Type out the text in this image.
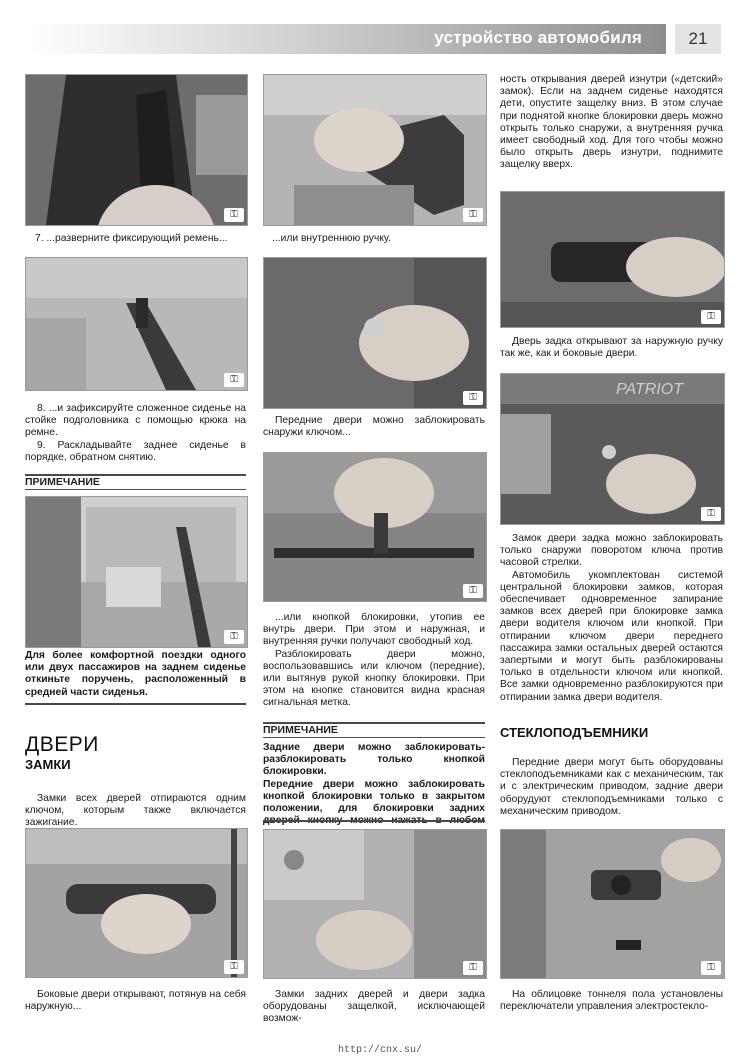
устройство автомобиля	21
⚿
7. ...разверните фиксирующий ремень...
⚿

8. ...и зафиксируйте сложенное сиденье на стойке подголовника с помощью крюка на ремне.

9. Раскладывайте заднее сиденье в порядке, обратном снятию.

ПРИМЕЧАНИЕ
⚿
Для более комфортной поездки одного или двух пассажиров на заднем сиденье откиньте поручень, расположенный в средней части сиденья.
ДВЕРИ
ЗАМКИ

Замки всех дверей отпираются одним ключом, которым также включается зажигание.

⚿

Боковые двери открывают, потянув на себя наружную...

⚿
...или внутреннюю ручку.
⚿

Передние двери можно заблокировать снаружи ключом...

⚿

...или кнопкой блокировки, утопив ее внутрь двери. При этом и наружная, и внутренняя ручки получают свободный ход.

Разблокировать двери можно, воспользовавшись или ключом (передние), или вытянув рукой кнопку блокировки. При этом на кнопке становится видна красная сигнальная метка.

ПРИМЕЧАНИЕ

Задние двери можно заблокировать-разблокировать только кнопкой блокировки.

Передние двери можно заблокировать кнопкой блокировки только в закрытом положении, для блокировки задних

⚿

Замки задних дверей и двери задка оборудованы защелкой, исключающей возмож-

ность открывания дверей изнутри («детский» замок). Если на заднем сиденье находятся дети, опустите защелку вниз. В этом случае при поднятой кнопке блокировки дверь можно открыть только снаружи, а внутренняя ручка имеет свободный ход. Для того чтобы можно было открыть дверь изнутри, поднимите защелку вверх.

⚿

Дверь задка открывают за наружную ручку так же, как и боковые двери.

PATRIOT
⚿

Замок двери задка можно заблокировать только снаружи поворотом ключа против часовой стрелки.

Автомобиль укомплектован системой центральной блокировки замков, которая обеспечивает одновременное запирание замков всех дверей при блокировке замка двери водителя ключом или кнопкой. При отпирании ключом двери переднего пассажира замки остальных дверей остаются запертыми и могут быть разблокированы только в отдельности ключом или кнопкой. Все замки одновременно разблокируются при отпирании замка двери водителя.

СТЕКЛОПОДЪЕМНИКИ

Передние двери могут быть оборудованы стеклоподъемниками как с механическим, так и с электрическим приводом, задние двери оборудуют стеклоподъемниками только с механическим приводом.

⚿

На облицовке тоннеля пола установлены переключатели управления электростекло-

http://cnx.su/
